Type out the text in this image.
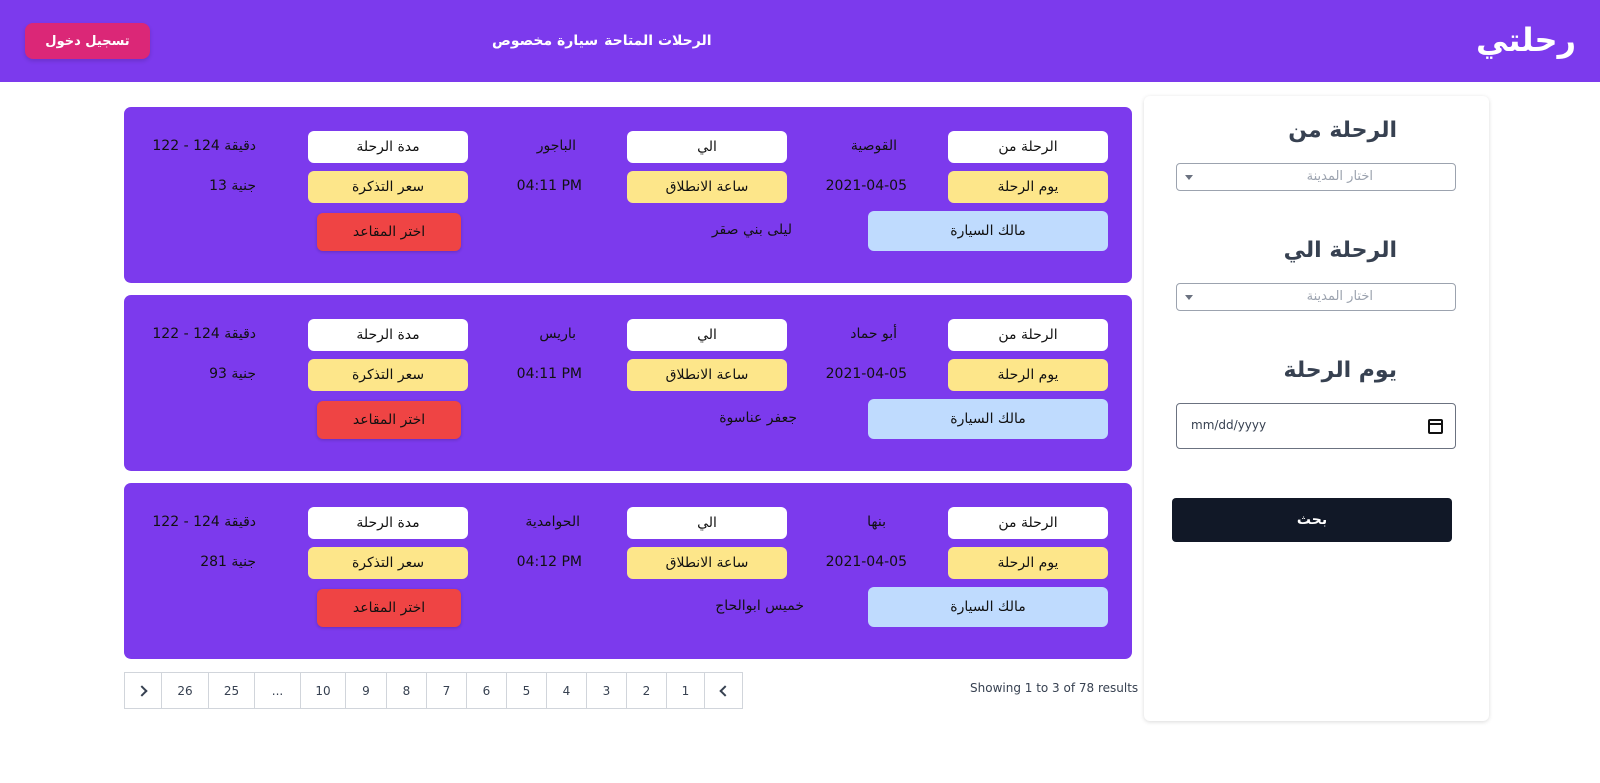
رحلتي
الرحلات المتاحة
سيارة مخصوص
تسجيل دخول
الرحلة من
اختار المدينة
الرحلة الي
اختار المدينة
يوم الرحلة
mm/dd/yyyy
بحث
الرحلة من
القوصية
الي
الباجور
مدة الرحلة
122 - 124 دقيقة
يوم الرحلة
2021-04-05
ساعة الانطلاق
04:11 PM
سعر التذكرة
13 جنية
مالك السيارة
ليلى بني صقر
اختر المقاعد
الرحلة من
أبو حماد
الي
باريس
مدة الرحلة
122 - 124 دقيقة
يوم الرحلة
2021-04-05
ساعة الانطلاق
04:11 PM
سعر التذكرة
93 جنية
مالك السيارة
جعفر عناسوة
اختر المقاعد
الرحلة من
بنها
الي
الحوامدية
مدة الرحلة
122 - 124 دقيقة
يوم الرحلة
2021-04-05
ساعة الانطلاق
04:12 PM
سعر التذكرة
281 جنية
مالك السيارة
خميس ابوالحاج
اختر المقاعد
Showing 1 to 3 of 78 results
26	25	...	10	9	8	7	6	5	4	3	2	1
